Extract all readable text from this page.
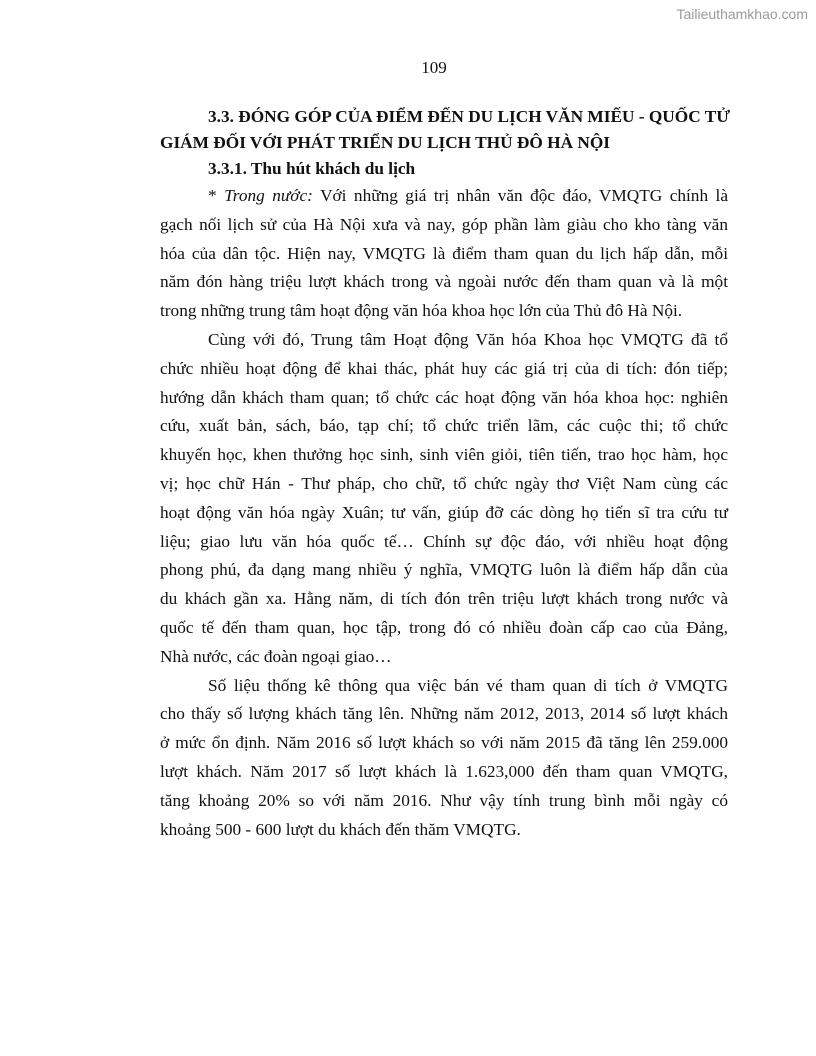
Tailieuthamkhao.com
109
3.3. ĐÓNG GÓP CỦA ĐIỂM ĐẾN DU LỊCH VĂN MIẾU - QUỐC TỬ
GIÁM ĐỐI VỚI PHÁT TRIỂN DU LỊCH THỦ ĐÔ HÀ NỘI
3.3.1. Thu hút khách du lịch
* Trong nước: Với những giá trị nhân văn độc đáo, VMQTG chính là
gạch nối lịch sử của Hà Nội xưa và nay, góp phần làm giàu cho kho tàng văn
hóa của dân tộc. Hiện nay, VMQTG là điểm tham quan du lịch hấp dẫn, mỗi
năm đón hàng triệu lượt khách trong và ngoài nước đến tham quan và là một
trong những trung tâm hoạt động văn hóa khoa học lớn của Thủ đô Hà Nội.
Cùng với đó, Trung tâm Hoạt động Văn hóa Khoa học VMQTG đã tổ
chức nhiều hoạt động để khai thác, phát huy các giá trị của di tích: đón tiếp;
hướng dẫn khách tham quan; tổ chức các hoạt động văn hóa khoa học: nghiên
cứu, xuất bản, sách, báo, tạp chí; tổ chức triển lãm, các cuộc thi; tổ chức
khuyến học, khen thưởng học sinh, sinh viên giỏi, tiên tiến, trao học hàm, học
vị; học chữ Hán - Thư pháp, cho chữ, tổ chức ngày thơ Việt Nam cùng các
hoạt động văn hóa ngày Xuân; tư vấn, giúp đỡ các dòng họ tiến sĩ tra cứu tư
liệu; giao lưu văn hóa quốc tế… Chính sự độc đáo, với nhiều hoạt động
phong phú, đa dạng mang nhiều ý nghĩa, VMQTG luôn là điểm hấp dẫn của
du khách gần xa. Hằng năm, di tích đón trên triệu lượt khách trong nước và
quốc tế đến tham quan, học tập, trong đó có nhiều đoàn cấp cao của Đảng,
Nhà nước, các đoàn ngoại giao…
Số liệu thống kê thông qua việc bán vé tham quan di tích ở VMQTG
cho thấy số lượng khách tăng lên. Những năm 2012, 2013, 2014 số lượt khách
ở mức ổn định. Năm 2016 số lượt khách so với năm 2015 đã tăng lên 259.000
lượt khách. Năm 2017 số lượt khách là 1.623,000 đến tham quan VMQTG,
tăng khoảng 20% so với năm 2016. Như vậy tính trung bình mỗi ngày có
khoảng 500 - 600 lượt du khách đến thăm VMQTG.
